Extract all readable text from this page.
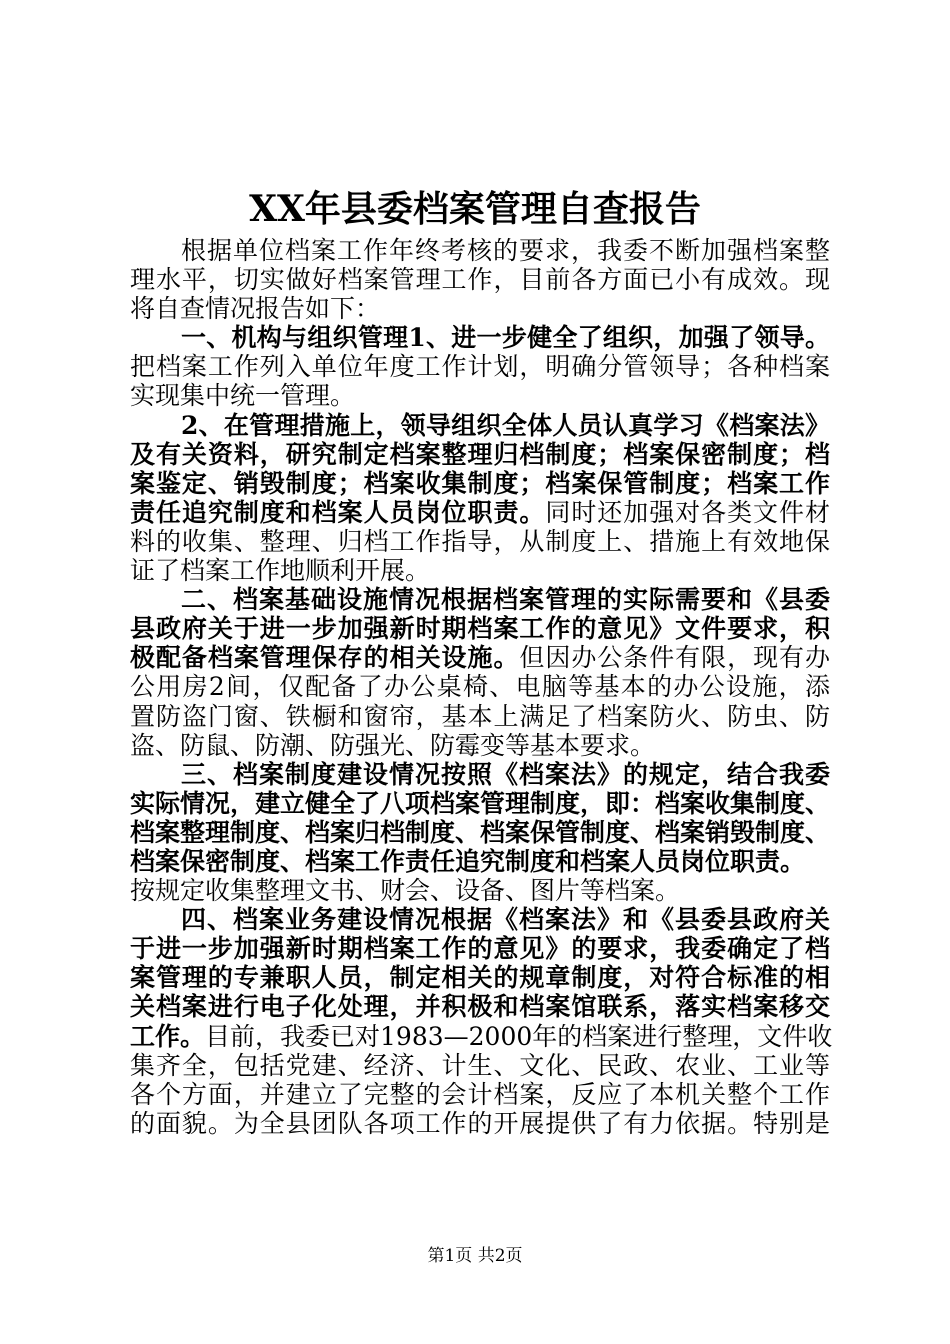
XX年县委档案管理自查报告
根据单位档案工作年终考核的要求，我委不断加强档案整
理水平，切实做好档案管理工作，目前各方面已小有成效。现
将自查情况报告如下：
一、机构与组织管理1、进一步健全了组织，加强了领导。
把档案工作列入单位年度工作计划，明确分管领导；各种档案
实现集中统一管理。
2、在管理措施上，领导组织全体人员认真学习《档案法》
及有关资料，研究制定档案整理归档制度；档案保密制度；档
案鉴定、销毁制度；档案收集制度；档案保管制度；档案工作
责任追究制度和档案人员岗位职责。同时还加强对各类文件材
料的收集、整理、归档工作指导，从制度上、措施上有效地保
证了档案工作地顺利开展。
二、档案基础设施情况根据档案管理的实际需要和《县委
县政府关于进一步加强新时期档案工作的意见》文件要求，积
极配备档案管理保存的相关设施。但因办公条件有限，现有办
公用房2间，仅配备了办公桌椅、电脑等基本的办公设施，添
置防盗门窗、铁橱和窗帘，基本上满足了档案防火、防虫、防
盗、防鼠、防潮、防强光、防霉变等基本要求。
三、档案制度建设情况按照《档案法》的规定，结合我委
实际情况，建立健全了八项档案管理制度，即：档案收集制度、
档案整理制度、档案归档制度、档案保管制度、档案销毁制度、
档案保密制度、档案工作责任追究制度和档案人员岗位职责。
按规定收集整理文书、财会、设备、图片等档案。
四、档案业务建设情况根据《档案法》和《县委县政府关
于进一步加强新时期档案工作的意见》的要求，我委确定了档
案管理的专兼职人员，制定相关的规章制度，对符合标准的相
关档案进行电子化处理，并积极和档案馆联系，落实档案移交
工作。目前，我委已对1983—2000年的档案进行整理，文件收
集齐全，包括党建、经济、计生、文化、民政、农业、工业等
各个方面，并建立了完整的会计档案，反应了本机关整个工作
的面貌。为全县团队各项工作的开展提供了有力依据。特别是
第1页 共2页
